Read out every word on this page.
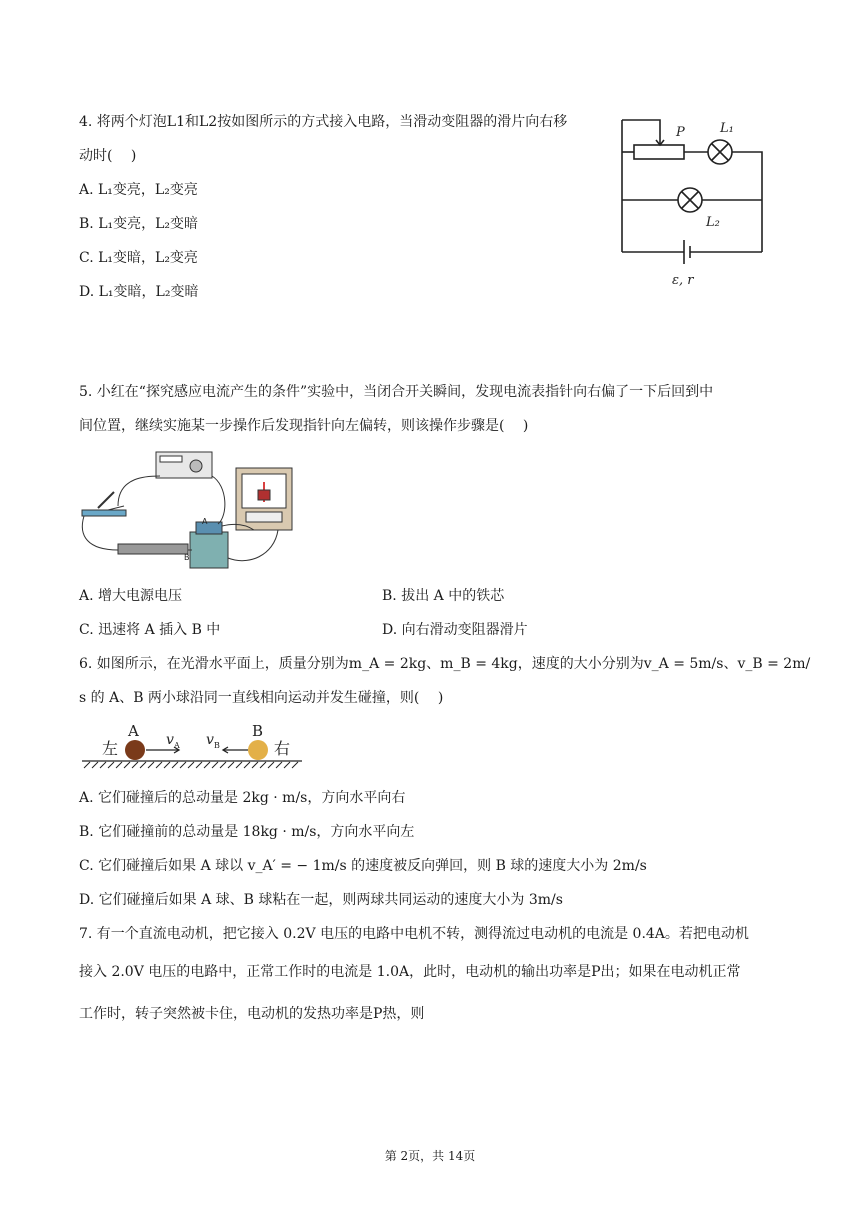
4. 将两个灯泡L1和L2按如图所示的方式接入电路，当滑动变阻器的滑片向右移
动时(　 )
A. L₁变亮，L₂变亮
B. L₁变亮，L₂变暗
C. L₁变暗，L₂变亮
D. L₁变暗，L₂变暗
P	L₁
L₂
ε, r
5. 小红在“探究感应电流产生的条件”实验中，当闭合开关瞬间，发现电流表指针向右偏了一下后回到中
间位置，继续实施某一步操作后发现指针向左偏转，则该操作步骤是(　 )
A
B
A. 增大电源电压	B. 拔出 A 中的铁芯
C. 迅速将 A 插入 B 中	D. 向右滑动变阻器滑片
6. 如图所示，在光滑水平面上，质量分别为m_A = 2kg、m_B = 4kg，速度的大小分别为v_A = 5m/s、v_B = 2m/
s 的 A、B 两小球沿同一直线相向运动并发生碰撞，则(　 )
左
A v A v B
B
右
A. 它们碰撞后的总动量是 2kg · m/s，方向水平向右
B. 它们碰撞前的总动量是 18kg · m/s，方向水平向左
C. 它们碰撞后如果 A 球以 v_A′ = − 1m/s 的速度被反向弹回，则 B 球的速度大小为 2m/s
D. 它们碰撞后如果 A 球、B 球粘在一起，则两球共同运动的速度大小为 3m/s
7. 有一个直流电动机，把它接入 0.2V 电压的电路中电机不转，测得流过电动机的电流是 0.4A。若把电动机
接入 2.0V 电压的电路中，正常工作时的电流是 1.0A，此时，电动机的输出功率是P出；如果在电动机正常
工作时，转子突然被卡住，电动机的发热功率是P热，则
第 2页，共 14页
